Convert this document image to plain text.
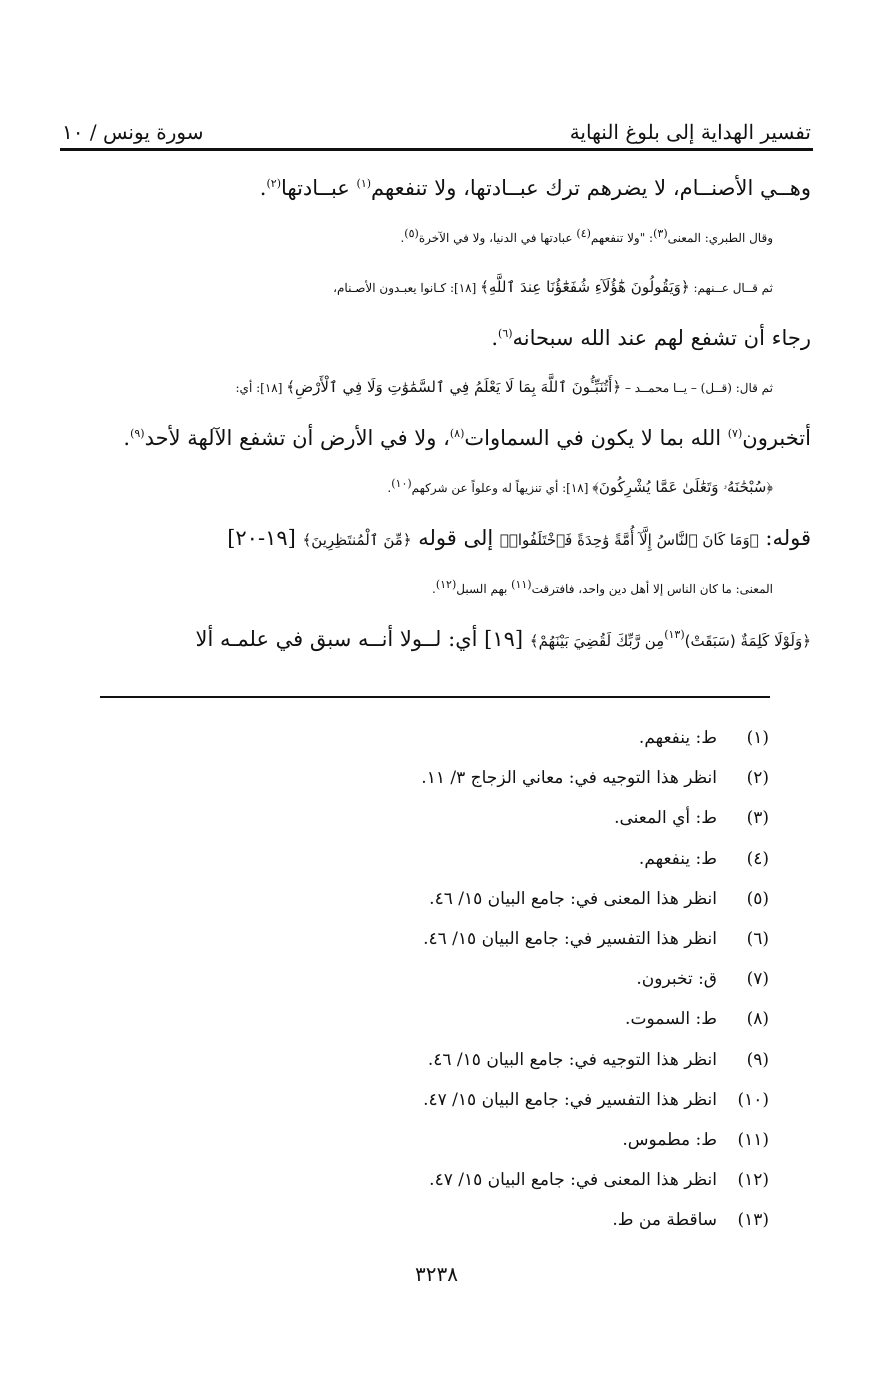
تفسير الهداية إلى بلوغ النهاية
سورة يونس / ١٠
وهــي الأصنــام، لا يضرهم ترك عبــادتها، ولا تنفعهم$^{(١)}$ عبــادتها$^{(٢)}$.
وقال الطبري: المعنى(٣): "ولا تنفعهم(٤) عبادتها في الدنيا، ولا في الآخرة(٥).
ثم قــال عــنهم: ﴿وَيَقُولُونَ هَٰٓؤُلَآءِ شُفَعَٰٓؤُنَا عِندَ ٱللَّهِ﴾ [١٨]: كـانوا يعبـدون الأصـنام،
رجاء أن تشفع لهم عند الله سبحانه$^{(٦)}$.
ثم قال: (قــل) – يــا محمــد – ﴿أَتُنَبِّـُٔونَ ٱللَّهَ بِمَا لَا يَعْلَمُ فِي ٱلسَّمَٰوَٰتِ وَلَا فِي ٱلْأَرْضِ﴾ [١٨]: أي:
أتخبرون$^{(٧)}$ الله بما لا يكون في السماوات$^{(٨)}$، ولا في الأرض أن تشفع الآلهة لأحد$^{(٩)}$.
﴿سُبْحَٰنَهُۥ وَتَعَٰلَىٰ عَمَّا يُشْرِكُونَ﴾ [١٨]: أي تنزيهاً له وعلواً عن شركهم(١٠).
قوله: ﴿وَمَا كَانَ ٱلنَّاسُ إِلَّآ أُمَّةً وَٰحِدَةً فَٱخْتَلَفُوا۟﴾ إلى قوله ﴿مِّنَ ٱلْمُنتَظِرِينَ﴾ [١٩-٢٠]
المعنى: ما كان الناس إلا أهل دين واحد، فافترقت(١١) بهم السبل(١٢).
﴿وَلَوْلَا كَلِمَةٌ (سَبَقَتْ)$^{(١٣)}$مِن رَّبِّكَ لَقُضِيَ بَيْنَهُمْ﴾ [١٩] أي: لــولا أنــه سبق في علمـه ألا
(١)
ط: ينفعهم.
(٢)
انظر هذا التوجيه في: معاني الزجاج ٣/ ١١.
(٣)
ط: أي المعنى.
(٤)
ط: ينفعهم.
(٥)
انظر هذا المعنى في: جامع البيان ١٥/ ٤٦.
(٦)
انظر هذا التفسير في: جامع البيان ١٥/ ٤٦.
(٧)
ق: تخبرون.
(٨)
ط: السموت.
(٩)
انظر هذا التوجيه في: جامع البيان ١٥/ ٤٦.
(١٠)
انظر هذا التفسير في: جامع البيان ١٥/ ٤٧.
(١١)
ط: مطموس.
(١٢)
انظر هذا المعنى في: جامع البيان ١٥/ ٤٧.
(١٣)
ساقطة من ط.
٣٢٣٨
